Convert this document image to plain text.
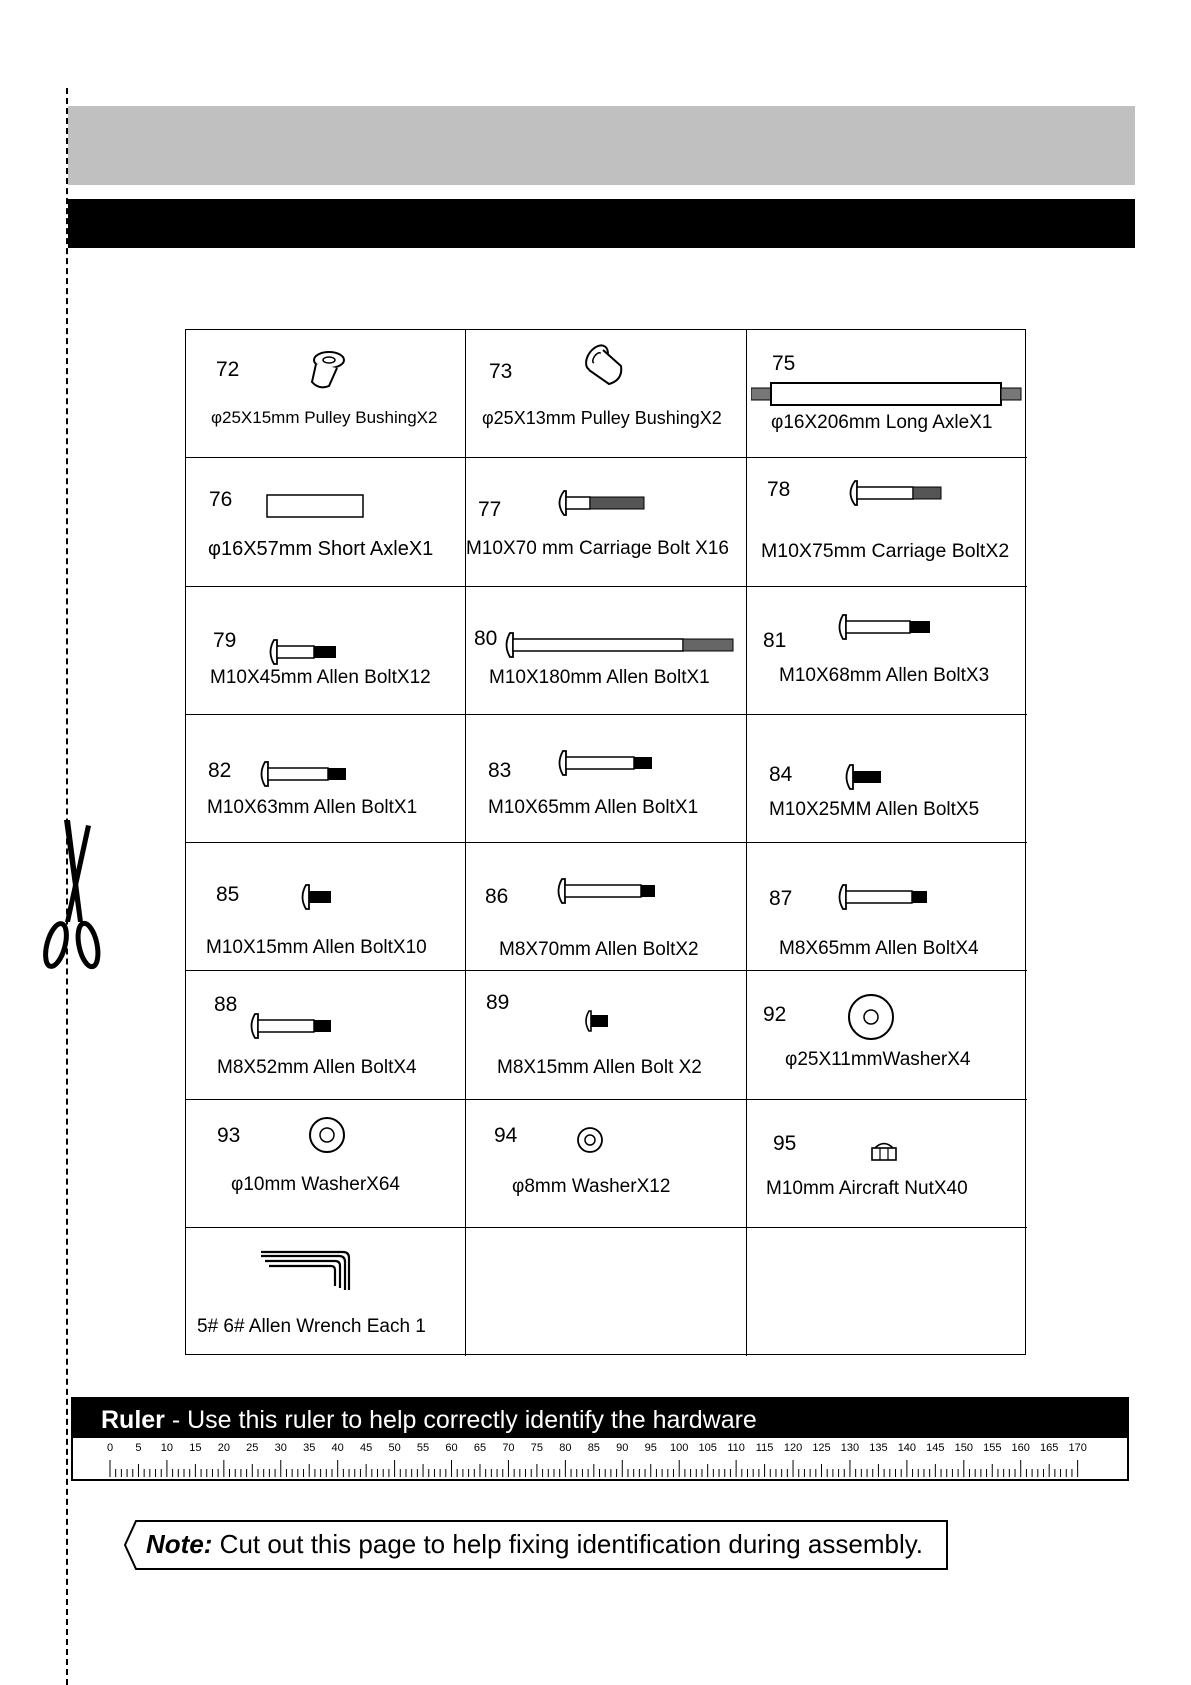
72
φ25X15mm Pulley BushingX2
73
φ25X13mm Pulley BushingX2
75
φ16X206mm Long AxleX1
76
φ16X57mm Short AxleX1
77
M10X70 mm Carriage Bolt X16
78
M10X75mm Carriage BoltX2
79
M10X45mm Allen BoltX12
80
M10X180mm Allen BoltX1
81
M10X68mm Allen BoltX3
82
M10X63mm Allen BoltX1
83
M10X65mm Allen BoltX1
84
M10X25MM Allen BoltX5
85
M10X15mm Allen BoltX10
86
M8X70mm Allen BoltX2
87
M8X65mm Allen BoltX4
88
M8X52mm Allen BoltX4
89
M8X15mm Allen Bolt X2
92
φ25X11mmWasherX4
93
φ10mm WasherX64
94
φ8mm WasherX12
95
M10mm Aircraft NutX40
5# 6# Allen Wrench Each 1
Ruler - Use this ruler to help correctly identify the hardware
0 5 10 15 20 25 30 35 40 45 50 55 60 65 70 75 80 85 90 95 100 105 110 115 120 125 130 135 140 145 150 155 160 165 170
Note: Cut out this page to help fixing identification during assembly.
